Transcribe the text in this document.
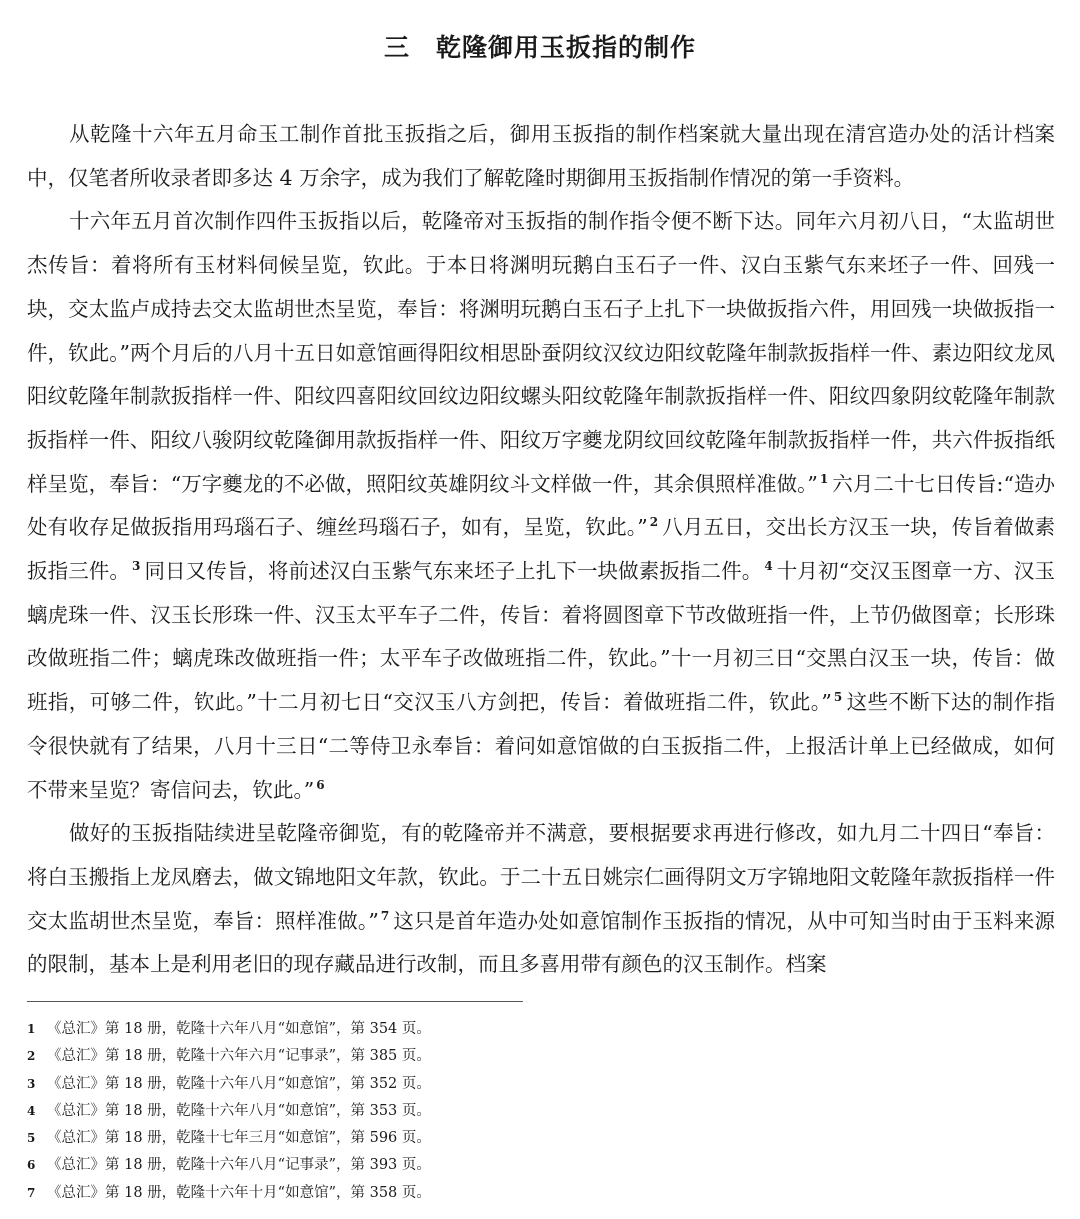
三　乾隆御用玉扳指的制作

从乾隆十六年五月命玉工制作首批玉扳指之后，御用玉扳指的制作档案就大量出现在清宫造办处的活计档案中，仅笔者所收录者即多达 4 万余字，成为我们了解乾隆时期御用玉扳指制作情况的第一手资料。

十六年五月首次制作四件玉扳指以后，乾隆帝对玉扳指的制作指令便不断下达。同年六月初八日，“太监胡世杰传旨：着将所有玉材料伺候呈览，钦此。于本日将渊明玩鹅白玉石子一件、汉白玉紫气东来坯子一件、回残一块，交太监卢成持去交太监胡世杰呈览，奉旨：将渊明玩鹅白玉石子上扎下一块做扳指六件，用回残一块做扳指一件，钦此。”两个月后的八月十五日如意馆画得阳纹相思卧蚕阴纹汉纹边阳纹乾隆年制款扳指样一件、素边阳纹龙凤阳纹乾隆年制款扳指样一件、阳纹四喜阳纹回纹边阳纹螺头阳纹乾隆年制款扳指样一件、阳纹四象阴纹乾隆年制款扳指样一件、阳纹八骏阴纹乾隆御用款扳指样一件、阳纹万字夔龙阴纹回纹乾隆年制款扳指样一件，共六件扳指纸样呈览，奉旨：“万字夔龙的不必做，照阳纹英雄阴纹斗文样做一件，其余俱照样准做。” $^1$ 六月二十七日传旨:“造办处有收存足做扳指用玛瑙石子、缠丝玛瑙石子，如有，呈览，钦此。” $^2$ 八月五日，交出长方汉玉一块，传旨着做素扳指三件。 $^3$ 同日又传旨，将前述汉白玉紫气东来坯子上扎下一块做素扳指二件。 $^4$ 十月初“交汉玉图章一方、汉玉螭虎珠一件、汉玉长形珠一件、汉玉太平车子二件，传旨：着将圆图章下节改做班指一件，上节仍做图章；长形珠改做班指二件；螭虎珠改做班指一件；太平车子改做班指二件，钦此。”十一月初三日“交黑白汉玉一块，传旨：做班指，可够二件，钦此。”十二月初七日“交汉玉八方剑把，传旨：着做班指二件，钦此。” $^5$ 这些不断下达的制作指令很快就有了结果，八月十三日“二等侍卫永奉旨：着问如意馆做的白玉扳指二件，上报活计单上已经做成，如何不带来呈览？寄信问去，钦此。” $^6$

做好的玉扳指陆续进呈乾隆帝御览，有的乾隆帝并不满意，要根据要求再进行修改，如九月二十四日“奉旨：将白玉搬指上龙凤磨去，做文锦地阳文年款，钦此。于二十五日姚宗仁画得阴文万字锦地阳文乾隆年款扳指样一件交太监胡世杰呈览，奉旨：照样准做。” $^7$ 这只是首年造办处如意馆制作玉扳指的情况，从中可知当时由于玉料来源的限制，基本上是利用老旧的现存藏品进行改制，而且多喜用带有颜色的汉玉制作。档案

1 《总汇》第 18 册，乾隆十六年八月“如意馆”，第 354 页。
2 《总汇》第 18 册，乾隆十六年六月“记事录”，第 385 页。
3 《总汇》第 18 册，乾隆十六年八月“如意馆”，第 352 页。
4 《总汇》第 18 册，乾隆十六年八月“如意馆”，第 353 页。
5 《总汇》第 18 册，乾隆十七年三月“如意馆”，第 596 页。
6 《总汇》第 18 册，乾隆十六年八月“记事录”，第 393 页。
7 《总汇》第 18 册，乾隆十六年十月“如意馆”，第 358 页。
